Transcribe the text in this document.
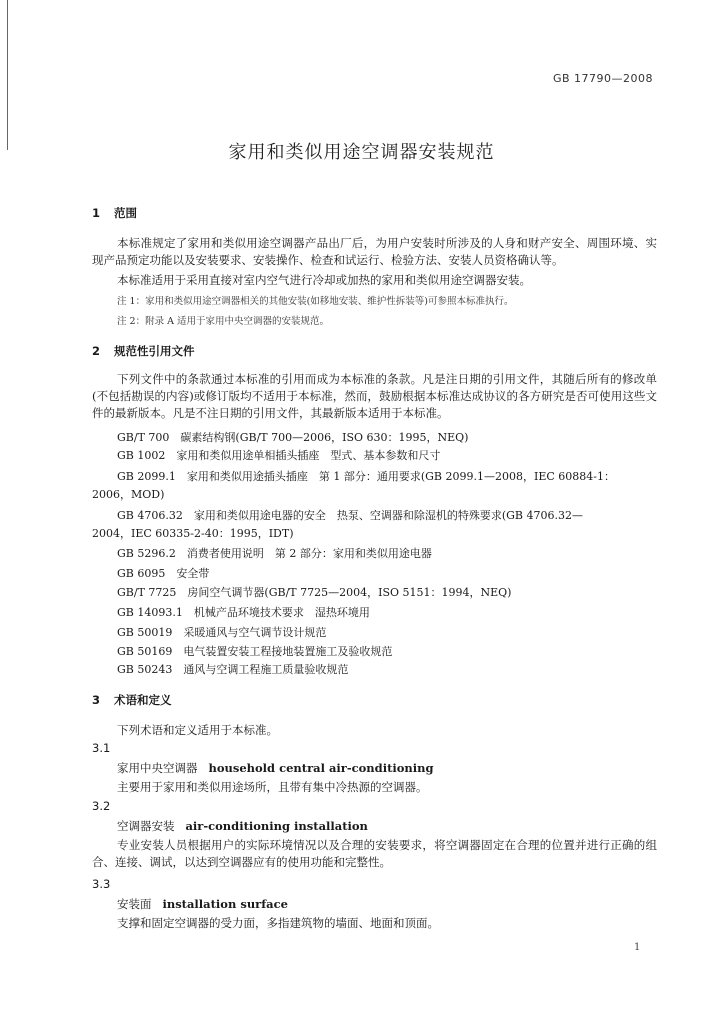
GB 17790—2008
家用和类似用途空调器安装规范
1 范围
本标准规定了家用和类似用途空调器产品出厂后，为用户安装时所涉及的人身和财产安全、周围环境、实现产品预定功能以及安装要求、安装操作、检查和试运行、检验方法、安装人员资格确认等。
本标准适用于采用直接对室内空气进行冷却或加热的家用和类似用途空调器安装。
注 1：家用和类似用途空调器相关的其他安装(如移地安装、维护性拆装等)可参照本标准执行。
注 2：附录 A 适用于家用中央空调器的安装规范。
2 规范性引用文件
下列文件中的条款通过本标准的引用而成为本标准的条款。凡是注日期的引用文件，其随后所有的修改单(不包括勘误的内容)或修订版均不适用于本标准，然而，鼓励根据本标准达成协议的各方研究是否可使用这些文件的最新版本。凡是不注日期的引用文件，其最新版本适用于本标准。
GB/T 700　碳素结构钢(GB/T 700—2006，ISO 630：1995，NEQ)
GB 1002　家用和类似用途单相插头插座　型式、基本参数和尺寸
GB 2099.1　家用和类似用途插头插座　第 1 部分：通用要求(GB 2099.1—2008，IEC 60884-1：
2006，MOD)
GB 4706.32　家用和类似用途电器的安全　热泵、空调器和除湿机的特殊要求(GB 4706.32—
2004，IEC 60335-2-40：1995，IDT)
GB 5296.2　消费者使用说明　第 2 部分：家用和类似用途电器
GB 6095　安全带
GB/T 7725　房间空气调节器(GB/T 7725—2004，ISO 5151：1994，NEQ)
GB 14093.1　机械产品环境技术要求　湿热环境用
GB 50019　采暖通风与空气调节设计规范
GB 50169　电气装置安装工程接地装置施工及验收规范
GB 50243　通风与空调工程施工质量验收规范
3 术语和定义
下列术语和定义适用于本标准。
3.1
家用中央空调器 household central air-conditioning
主要用于家用和类似用途场所，且带有集中冷热源的空调器。
3.2
空调器安装 air-conditioning installation
专业安装人员根据用户的实际环境情况以及合理的安装要求，将空调器固定在合理的位置并进行正确的组合、连接、调试，以达到空调器应有的使用功能和完整性。
3.3
安装面 installation surface
支撑和固定空调器的受力面，多指建筑物的墙面、地面和顶面。
1
